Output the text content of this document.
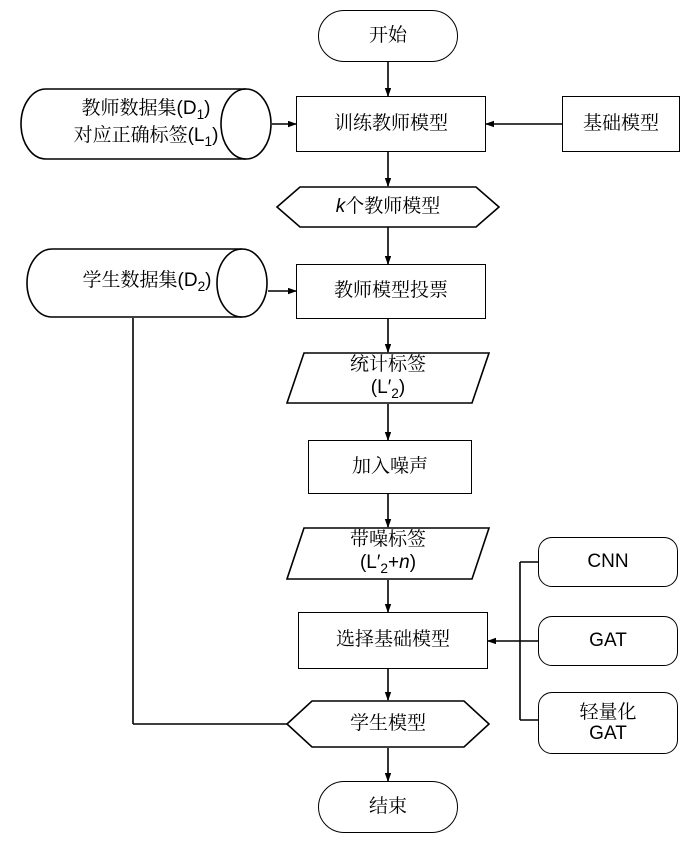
开始
训练教师模型	基础模型
教师数据集$(D_1)$
对应正确标签$(L_1)$
k个教师模型
学生数据集$(D_2)$	教师模型投票
统计标签
$(L'_2)$
加入噪声
带噪标签
$(L'_2+n)$
选择基础模型
CNN
GAT
轻量化
GAT
学生模型
结束
